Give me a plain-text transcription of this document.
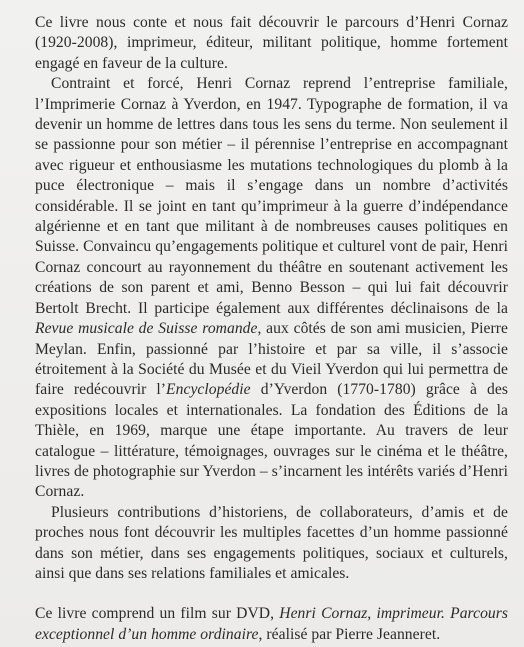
Ce livre nous conte et nous fait découvrir le parcours d’Henri Cornaz (1920-2008), imprimeur, éditeur, militant politique, homme fortement engagé en faveur de la culture.

Contraint et forcé, Henri Cornaz reprend l’entreprise familiale, l’Imprimerie Cornaz à Yverdon, en 1947. Typographe de formation, il va devenir un homme de lettres dans tous les sens du terme. Non seulement il se passionne pour son métier – il pérennise l’entreprise en accompagnant avec rigueur et enthousiasme les mutations technologiques du plomb à la puce électronique – mais il s’engage dans un nombre d’activités considérable. Il se joint en tant qu’imprimeur à la guerre d’indépendance algérienne et en tant que militant à de nombreuses causes politiques en Suisse. Convaincu qu’engagements politique et culturel vont de pair, Henri Cornaz concourt au rayonnement du théâtre en soutenant activement les créations de son parent et ami, Benno Besson – qui lui fait découvrir Bertolt Brecht. Il participe également aux différentes déclinaisons de la Revue musicale de Suisse romande, aux côtés de son ami musicien, Pierre Meylan. Enfin, passionné par l’histoire et par sa ville, il s’associe étroitement à la Société du Musée et du Vieil Yverdon qui lui permettra de faire redécouvrir l’Encyclopédie d’Yverdon (1770-1780) grâce à des expositions locales et internationales. La fondation des Éditions de la Thièle, en 1969, marque une étape importante. Au travers de leur catalogue – littérature, témoignages, ouvrages sur le cinéma et le théâtre, livres de photographie sur Yverdon – s’incarnent les intérêts variés d’Henri Cornaz.

Plusieurs contributions d’historiens, de collaborateurs, d’amis et de proches nous font découvrir les multiples facettes d’un homme passionné dans son métier, dans ses engagements politiques, sociaux et culturels, ainsi que dans ses relations familiales et amicales.

Ce livre comprend un film sur DVD, Henri Cornaz, imprimeur. Parcours exceptionnel d’un homme ordinaire, réalisé par Pierre Jeanneret.
